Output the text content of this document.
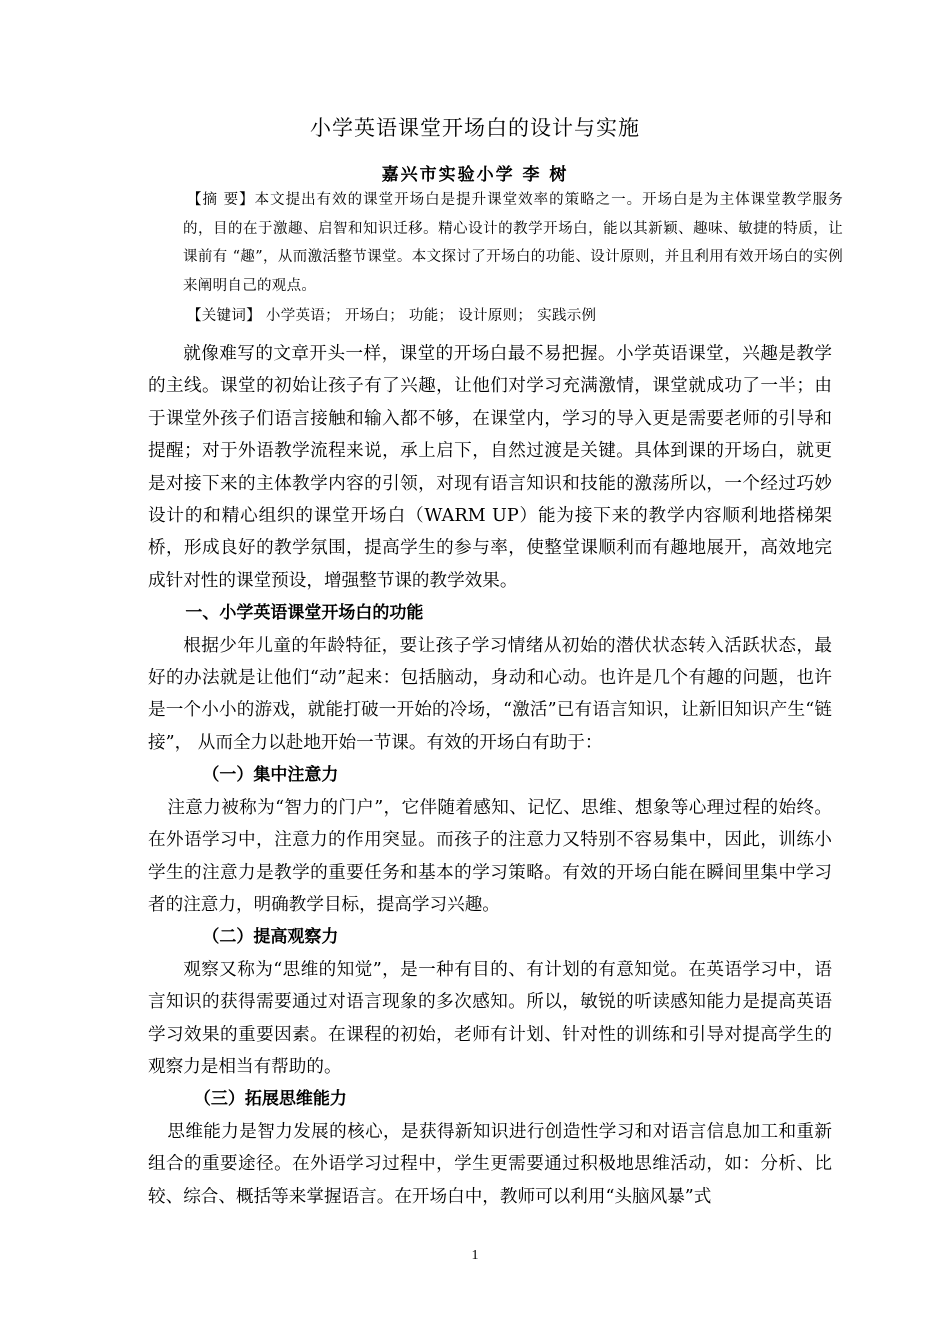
小学英语课堂开场白的设计与实施
嘉兴市实验小学 李 树

【摘 要】本文提出有效的课堂开场白是提升课堂效率的策略之一。开场白是为主体课堂教学服务的，目的在于激趣、启智和知识迁移。精心设计的教学开场白，能以其新颖、趣味、敏捷的特质，让课前有 “趣”，从而激活整节课堂。本文探讨了开场白的功能、设计原则，并且利用有效开场白的实例来阐明自己的观点。

【关键词】 小学英语； 开场白； 功能； 设计原则； 实践示例

就像难写的文章开头一样，课堂的开场白最不易把握。小学英语课堂，兴趣是教学的主线。课堂的初始让孩子有了兴趣，让他们对学习充满激情，课堂就成功了一半；由于课堂外孩子们语言接触和输入都不够，在课堂内，学习的导入更是需要老师的引导和提醒；对于外语教学流程来说，承上启下，自然过渡是关键。具体到课的开场白，就更是对接下来的主体教学内容的引领，对现有语言知识和技能的激荡所以，一个经过巧妙设计的和精心组织的课堂开场白（WARM UP）能为接下来的教学内容顺利地搭梯架桥，形成良好的教学氛围，提高学生的参与率，使整堂课顺利而有趣地展开，高效地完成针对性的课堂预设，增强整节课的教学效果。

一、小学英语课堂开场白的功能

根据少年儿童的年龄特征，要让孩子学习情绪从初始的潜伏状态转入活跃状态，最好的办法就是让他们“动”起来：包括脑动，身动和心动。也许是几个有趣的问题，也许是一个小小的游戏，就能打破一开始的冷场，“激活”已有语言知识，让新旧知识产生“链接”， 从而全力以赴地开始一节课。有效的开场白有助于：

（一）集中注意力

注意力被称为“智力的门户”，它伴随着感知、记忆、思维、想象等心理过程的始终。在外语学习中，注意力的作用突显。而孩子的注意力又特别不容易集中，因此，训练小学生的注意力是教学的重要任务和基本的学习策略。有效的开场白能在瞬间里集中学习者的注意力，明确教学目标，提高学习兴趣。

（二）提高观察力

观察又称为“思维的知觉”，是一种有目的、有计划的有意知觉。在英语学习中，语言知识的获得需要通过对语言现象的多次感知。所以，敏锐的听读感知能力是提高英语学习效果的重要因素。在课程的初始，老师有计划、针对性的训练和引导对提高学生的观察力是相当有帮助的。

（三）拓展思维能力

思维能力是智力发展的核心，是获得新知识进行创造性学习和对语言信息加工和重新组合的重要途径。在外语学习过程中，学生更需要通过积极地思维活动，如：分析、比较、综合、概括等来掌握语言。在开场白中，教师可以利用“头脑风暴”式

1
